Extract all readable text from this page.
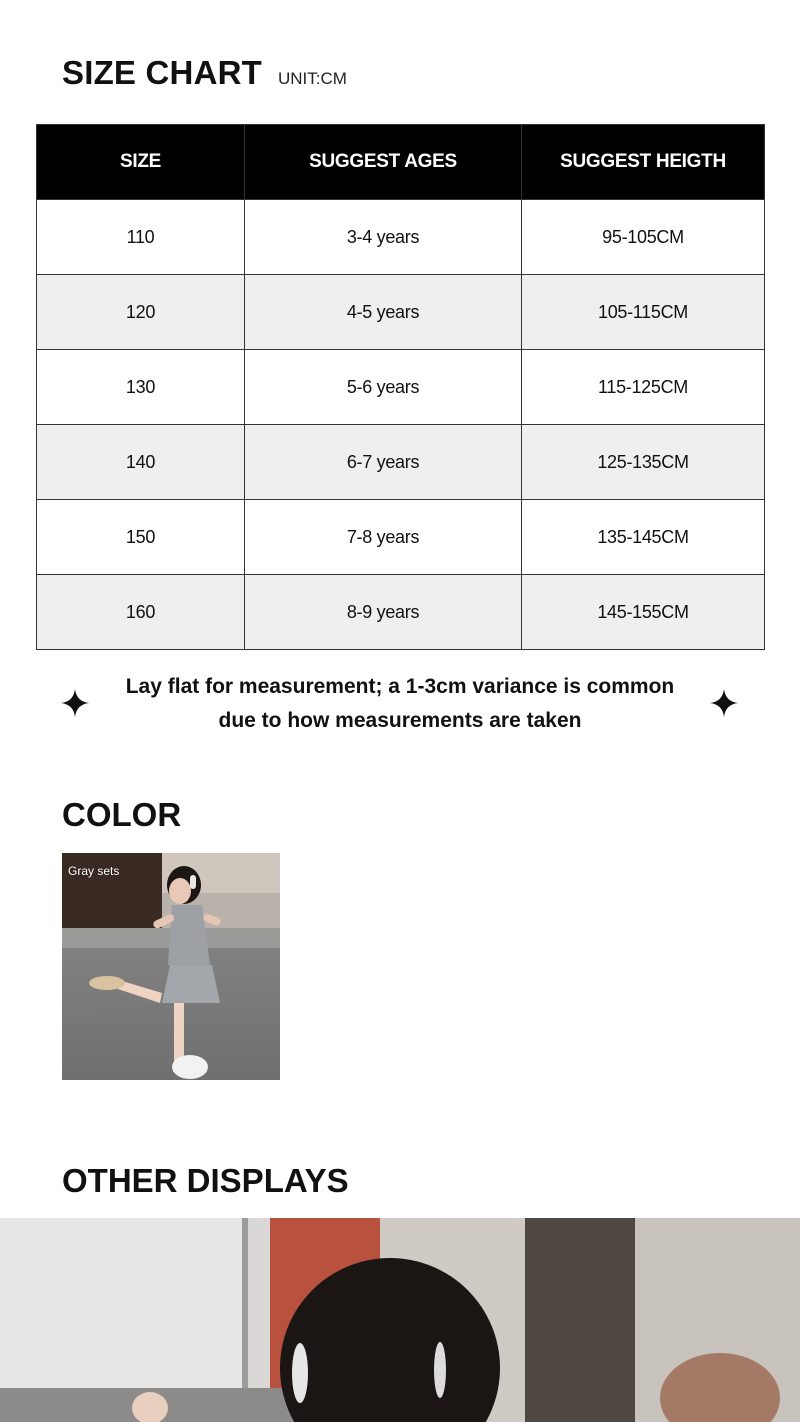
SIZE CHART UNIT:CM
SIZE	SUGGEST AGES	SUGGEST HEIGTH
110	3-4 years	95-105CM
120	4-5 years	105-115CM
130	5-6 years	115-125CM
140	6-7 years	125-135CM
150	7-8 years	135-145CM
160	8-9 years	145-155CM
Lay flat for measurement; a 1-3cm variance is common
due to how measurements are taken
COLOR
Gray sets
OTHER DISPLAYS
